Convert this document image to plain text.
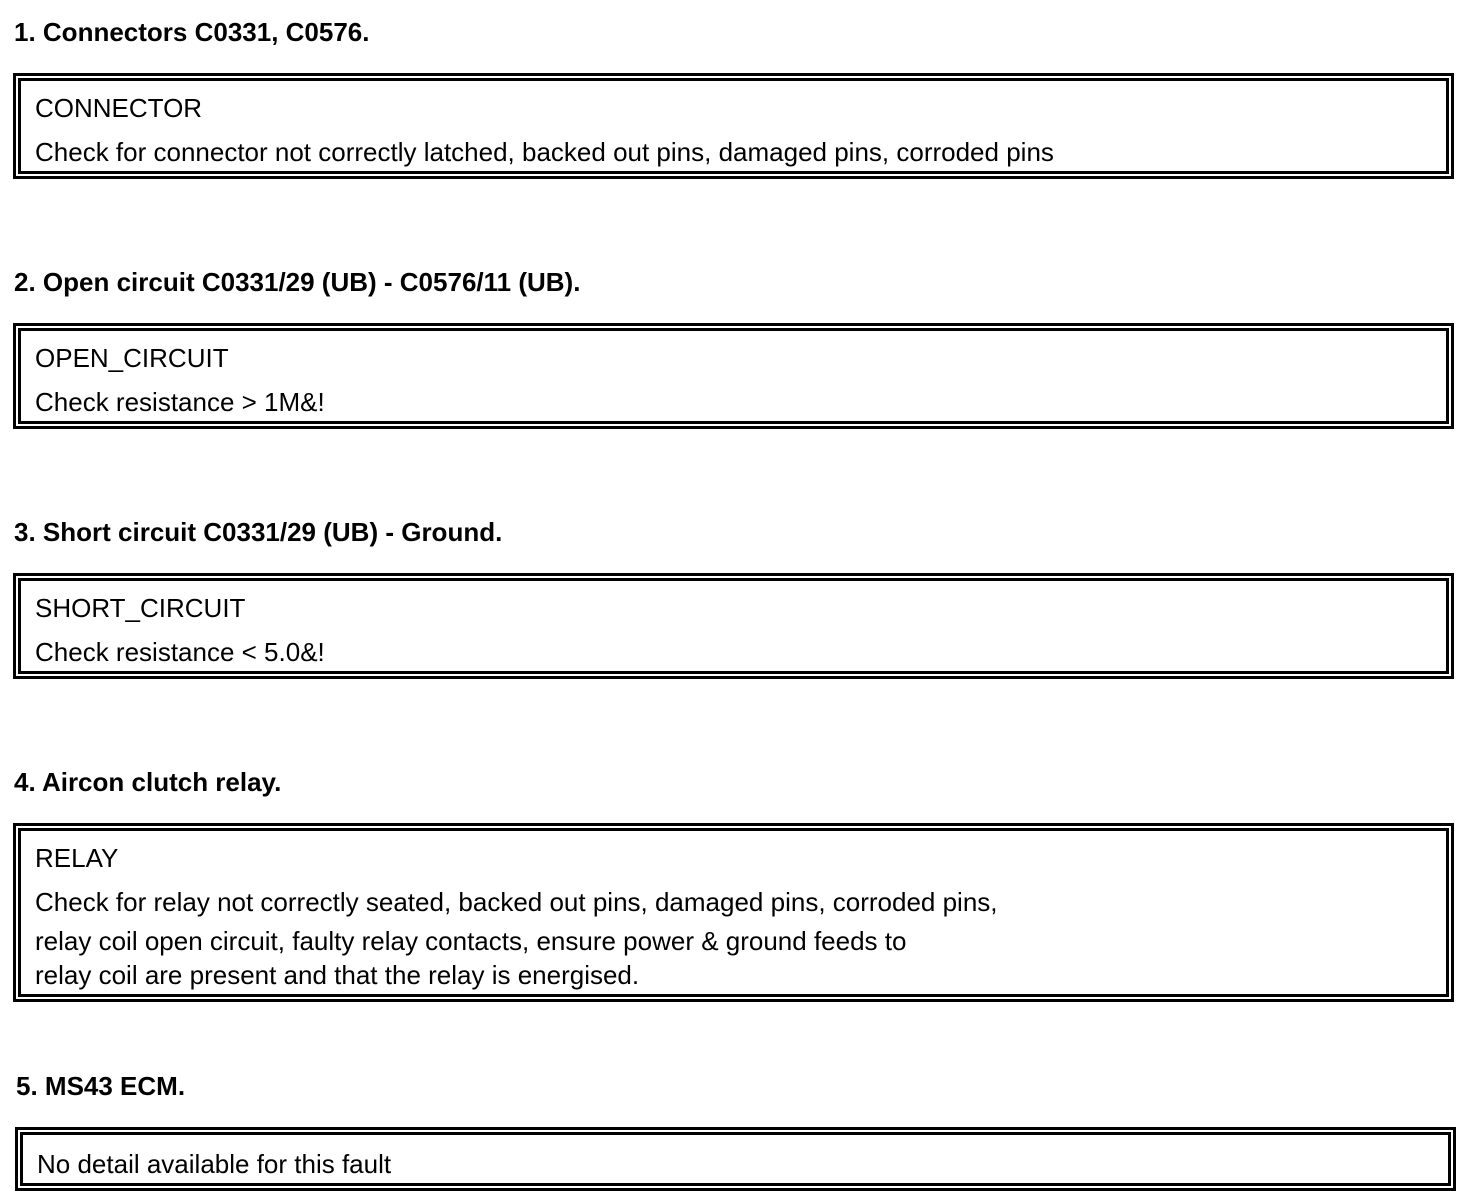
1. Connectors C0331, C0576.
CONNECTOR
Check for connector not correctly latched, backed out pins, damaged pins, corroded pins
2. Open circuit C0331/29 (UB) - C0576/11 (UB).
OPEN_CIRCUIT
Check resistance > 1M&!
3. Short circuit C0331/29 (UB) - Ground.
SHORT_CIRCUIT
Check resistance < 5.0&!
4. Aircon clutch relay.
RELAY
Check for relay not correctly seated, backed out pins, damaged pins, corroded pins,
relay coil open circuit, faulty relay contacts, ensure power & ground feeds to
relay coil are present and that the relay is energised.
5. MS43 ECM.
No detail available for this fault
